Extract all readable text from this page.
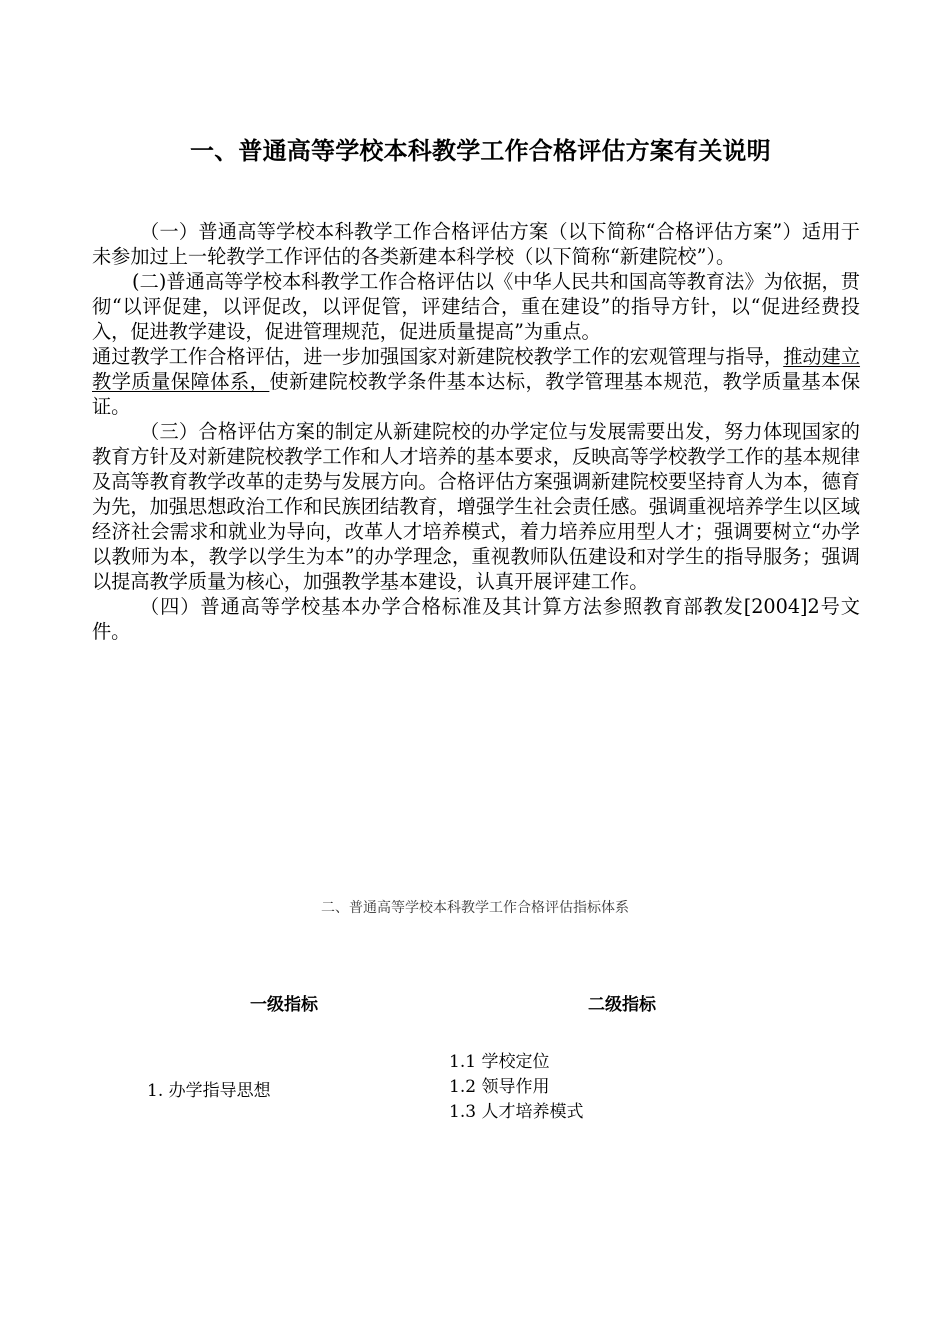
一、普通高等学校本科教学工作合格评估方案有关说明

（一）普通高等学校本科教学工作合格评估方案（以下简称“合格评估方案”）适用于未参加过上一轮教学工作评估的各类新建本科学校（以下简称“新建院校”）。

(二)普通高等学校本科教学工作合格评估以《中华人民共和国高等教育法》为依据，贯彻“以评促建，以评促改，以评促管，评建结合，重在建设”的指导方针，以“促进经费投入，促进教学建设，促进管理规范，促进质量提高”为重点。

通过教学工作合格评估，进一步加强国家对新建院校教学工作的宏观管理与指导，推动建立教学质量保障体系，使新建院校教学条件基本达标，教学管理基本规范，教学质量基本保证。

（三）合格评估方案的制定从新建院校的办学定位与发展需要出发，努力体现国家的教育方针及对新建院校教学工作和人才培养的基本要求，反映高等学校教学工作的基本规律及高等教育教学改革的走势与发展方向。合格评估方案强调新建院校要坚持育人为本，德育为先，加强思想政治工作和民族团结教育，增强学生社会责任感。强调重视培养学生以区域经济社会需求和就业为导向，改革人才培养模式，着力培养应用型人才；强调要树立“办学以教师为本，教学以学生为本”的办学理念，重视教师队伍建设和对学生的指导服务；强调以提高教学质量为核心，加强教学基本建设，认真开展评建工作。

（四）普通高等学校基本办学合格标准及其计算方法参照教育部教发[2004]2号文件。

二、普通高等学校本科教学工作合格评估指标体系
一级指标	二级指标
1. 办学指导思想
1.1 学校定位
1.2 领导作用
1.3 人才培养模式
